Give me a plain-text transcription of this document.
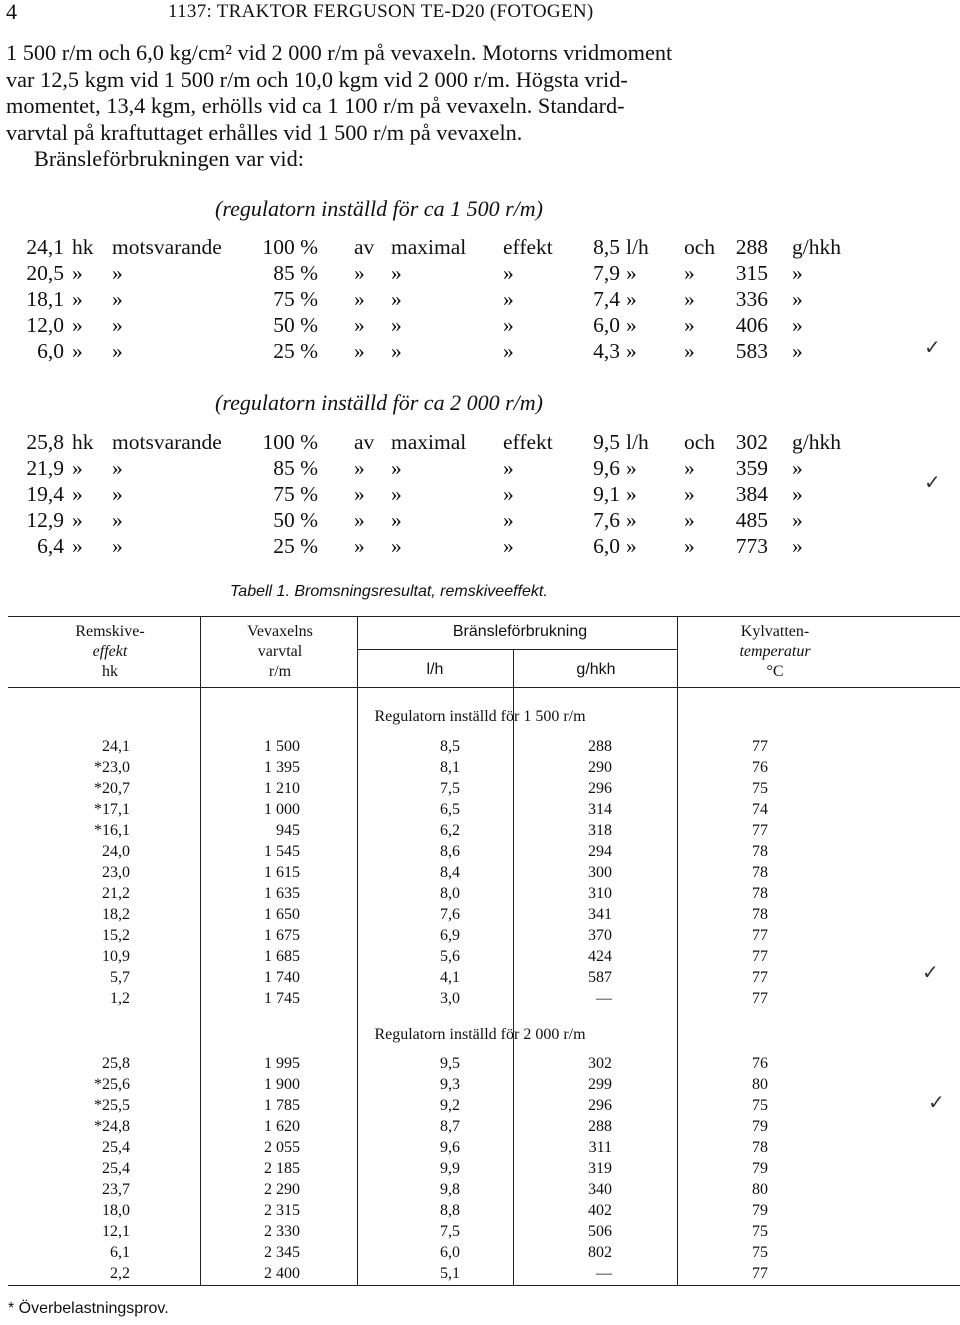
4	1137: TRAKTOR FERGUSON TE-D20 (FOTOGEN)
1 500 r/m och 6,0 kg/cm² vid 2 000 r/m på vevaxeln. Motorns vridmoment
var 12,5 kgm vid 1 500 r/m och 10,0 kgm vid 2 000 r/m. Högsta vrid-
momentet, 13,4 kgm, erhölls vid ca 1 100 r/m på vevaxeln. Standard-
varvtal på kraftuttaget erhålles vid 1 500 r/m på vevaxeln.
Bränsleförbrukningen var vid:
(regulatorn inställd för ca 1 500 r/m)
24,1 hk motsvarande	100 % av maximal effekt	8,5 l/h och 288 g/hkh
20,5 » »	85 % » »	»	7,9 » »	315 »
18,1 » »	75 % » »	»	7,4 » »	336 »
12,0 » »	50 % » »	»	6,0 » »	406 »
6,0 » »	25 % » »	»	4,3 » »	583 »
(regulatorn inställd för ca 2 000 r/m)
25,8 hk motsvarande	100 % av maximal effekt	9,5 l/h och 302 g/hkh
21,9 » »	85 % » »	»	9,6 » »	359 »
19,4 » »	75 % » »	»	9,1 » »	384 »
12,9 » »	50 % » »	»	7,6 » »	485 »
6,4 » »	25 % » »	»	6,0 » »	773 »
Tabell 1. Bromsningsresultat, remskiveeffekt.
Remskive-
effekt
hk
Vevaxelns
varvtal
r/m
Bränsleförbrukning
l/h	g/hkh
Kylvatten-
temperatur
°C
Regulatorn inställd för 1 500 r/m
24,1	1 500	8,5	288	77
*23,0	1 395	8,1	290	76
*20,7	1 210	7,5	296	75
*17,1	1 000	6,5	314	74
*16,1	945	6,2	318	77
24,0	1 545	8,6	294	78
23,0	1 615	8,4	300	78
21,2	1 635	8,0	310	78
18,2	1 650	7,6	341	78
15,2	1 675	6,9	370	77
10,9	1 685	5,6	424	77
5,7	1 740	4,1	587	77
1,2	1 745	3,0	—	77
Regulatorn inställd för 2 000 r/m
25,8	1 995	9,5	302	76
*25,6	1 900	9,3	299	80
*25,5	1 785	9,2	296	75
*24,8	1 620	8,7	288	79
25,4	2 055	9,6	311	78
25,4	2 185	9,9	319	79
23,7	2 290	9,8	340	80
18,0	2 315	8,8	402	79
12,1	2 330	7,5	506	75
6,1	2 345	6,0	802	75
2,2	2 400	5,1	—	77
* Överbelastningsprov.
✓
✓
✓
✓
